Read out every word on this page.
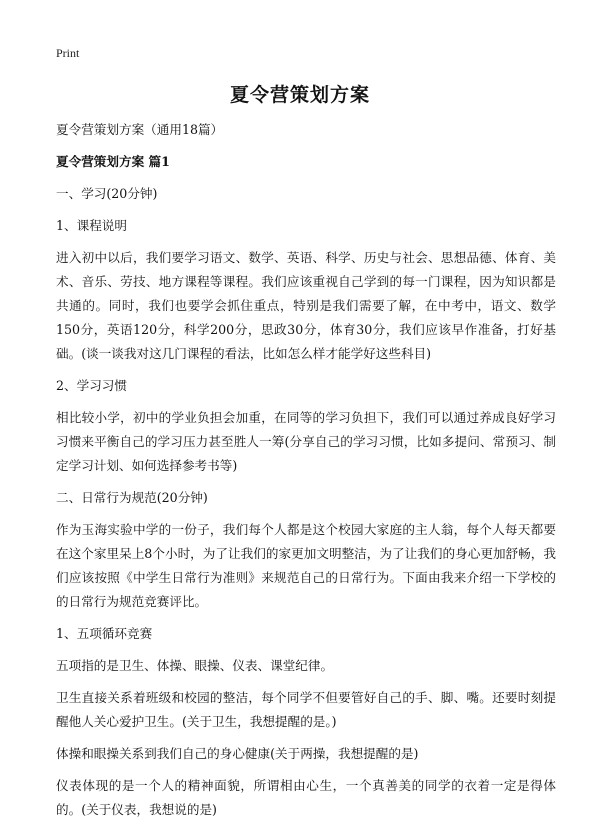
Print
夏令营策划方案

夏令营策划方案（通用18篇）

夏令营策划方案 篇1

一、学习(20分钟)

1、课程说明

进入初中以后，我们要学习语文、数学、英语、科学、历史与社会、思想品德、体育、美术、音乐、劳技、地方课程等课程。我们应该重视自己学到的每一门课程，因为知识都是共通的。同时，我们也要学会抓住重点，特别是我们需要了解，在中考中，语文、数学150分，英语120分，科学200分，思政30分，体育30分，我们应该早作准备，打好基础。(谈一谈我对这几门课程的看法，比如怎么样才能学好这些科目)

2、学习习惯

相比较小学，初中的学业负担会加重，在同等的学习负担下，我们可以通过养成良好学习习惯来平衡自己的学习压力甚至胜人一筹(分享自己的学习习惯，比如多提问、常预习、制定学习计划、如何选择参考书等)

二、日常行为规范(20分钟)

作为玉海实验中学的一份子，我们每个人都是这个校园大家庭的主人翁，每个人每天都要在这个家里呆上8个小时，为了让我们的家更加文明整洁，为了让我们的身心更加舒畅，我们应该按照《中学生日常行为准则》来规范自己的日常行为。下面由我来介绍一下学校的的日常行为规范竞赛评比。

1、五项循环竞赛

五项指的是卫生、体操、眼操、仪表、课堂纪律。

卫生直接关系着班级和校园的整洁，每个同学不但要管好自己的手、脚、嘴。还要时刻提醒他人关心爱护卫生。(关于卫生，我想提醒的是。)

体操和眼操关系到我们自己的身心健康(关于两操，我想提醒的是)

仪表体现的是一个人的精神面貌，所谓相由心生，一个真善美的同学的衣着一定是得体的。(关于仪表，我想说的是)
